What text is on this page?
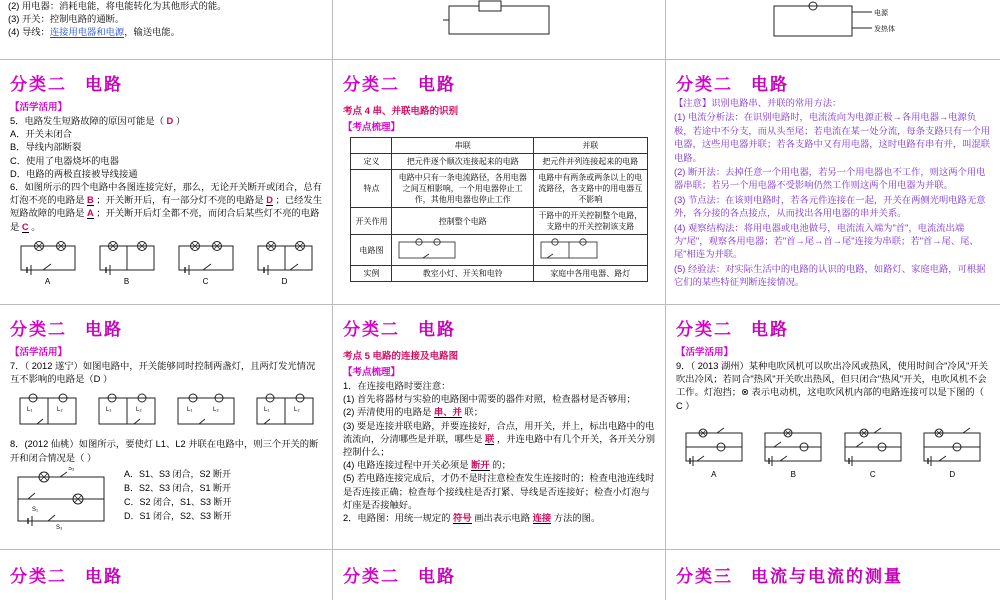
(2) 用电器：消耗电能，将电能转化为其他形式的能。

(3) 开关：控制电路的通断。

(4) 导线：连接用电器和电源，输送电能。

电源
发热体
分类二 电路
【活学活用】

5．电路发生短路故障的原因可能是（ D ）

A．开关未闭合

B．导线内部断裂

C．使用了电器烧坏的电器

D．电路的两极直接被导线接通

6．如图所示的四个电路中各图连接完好，那么，无论开关断开或闭合，总有灯泡不亮的电路是 B ；开关断开后，有一部分灯不亮的电路是 D ；已经发生短路故障的电路是 A ；开关断开后灯全都不亮，而闭合后某些灯不亮的电路是 C 。

A	B	C	D
分类二 电路
考点 4 串、并联电路的识别
【考点梳理】
	串联	并联
定义	把元件逐个顺次连接起来的电路	把元件并列连接起来的电路
特点	电路中只有一条电流路径，各用电器之间互相影响，一个用电器停止工作，其他用电器也停止工作	电路中有两条或两条以上的电流路径，各支路中的用电器互不影响
开关作用	控制整个电路	干路中的开关控制整个电路，支路中的开关控制该支路
电路图	

实例	教室小灯、开关和电铃	家庭中各用电器、路灯
分类二 电路

【注意】识别电路串、并联的常用方法：

(1) 电流分析法：在识别电路时，电流流向为电源正极→各用电器→电源负极，若途中不分支，而从头至尾；若电流在某一处分流，每条支路只有一个用电器，这些用电器并联；若各支路中又有用电器，这时电路有串有并，叫混联电路。

(2) 断开法：去掉任意一个用电器，若另一个用电器也不工作，则这两个用电器串联；若另一个用电器不受影响仍然工作则这两个用电器为并联。

(3) 节点法：在该则电路时，若各元件连接在一起，开关在两侧光明电路无意外，各分接的各点接点，从而找出各用电器的串并关系。

(4) 观察结构法：将用电器或电池做号，电流流入端为"首"，电流流出端为"尾"，观察各用电器；若"首→尾→首→尾"连接为串联；若"首→尾、尾、尾"相连为并联。

(5) 经验法：对实际生活中的电路的认识的电路，如路灯、家庭电路，可根据它们的某些特征判断连接情况。

分类二 电路
【活学活用】

7．（ 2012 遂宁）如图电路中，开关能够同时控制两盏灯，且两灯发光情况互不影响的电路是（D ）

L₁	L₂	L₁	L₂	L₁	L₂	L₁	L₂

8．(2012 仙桃）如图所示，要使灯 L1、L2 并联在电路中，则三个开关的断开和闭合情况是（ ）

S₁
S₂
S₃

A．S1、S3 闭合，S2 断开

B．S2、S3 闭合，S1 断开

C．S2 闭合，S1、S3 断开

D．S1 闭合，S2、S3 断开

分类二 电路
考点 5 电路的连接及电路图
【考点梳理】

1．在连接电路时要注意：

(1) 首先将器材与实验的电路图中需要的器件对照，检查器材是否够用；

(2) 弄清使用的电路是 串、并 联；

(3) 要是连接并联电路，并要连接好，合点，用开关，并上，标出电路中的电流流向，分清哪些是并联，哪些是 联 ，并连电路中有几个开关，各开关分别控制什么；

(4) 电路连接过程中开关必须是 断开 的；

(5) 若电路连接完成后，才仍不是时注意检查发生连接时的；检查电池连线时是否连接正确；检查每个接线柱是否打紧、导线是否连接好；检查小灯泡与灯座是否接触好。

2．电路图：用统一规定的 符号 画出表示电路 连接 方法的图。

分类二 电路
【活学活用】

9．（ 2013 湖州）某种电吹风机可以吹出冷风或热风，使用时间合"冷风"开关吹出冷风；若同合"热风"开关吹出热风，但只闭合"热风"开关，电吹风机不会工作。灯泡挡；⊗ 表示电动机，这电吹风机内部的电路连接可以是下图的（ C ）

A	B	C	D
分类二 电路	分类二 电路	分类三 电流与电流的测量
